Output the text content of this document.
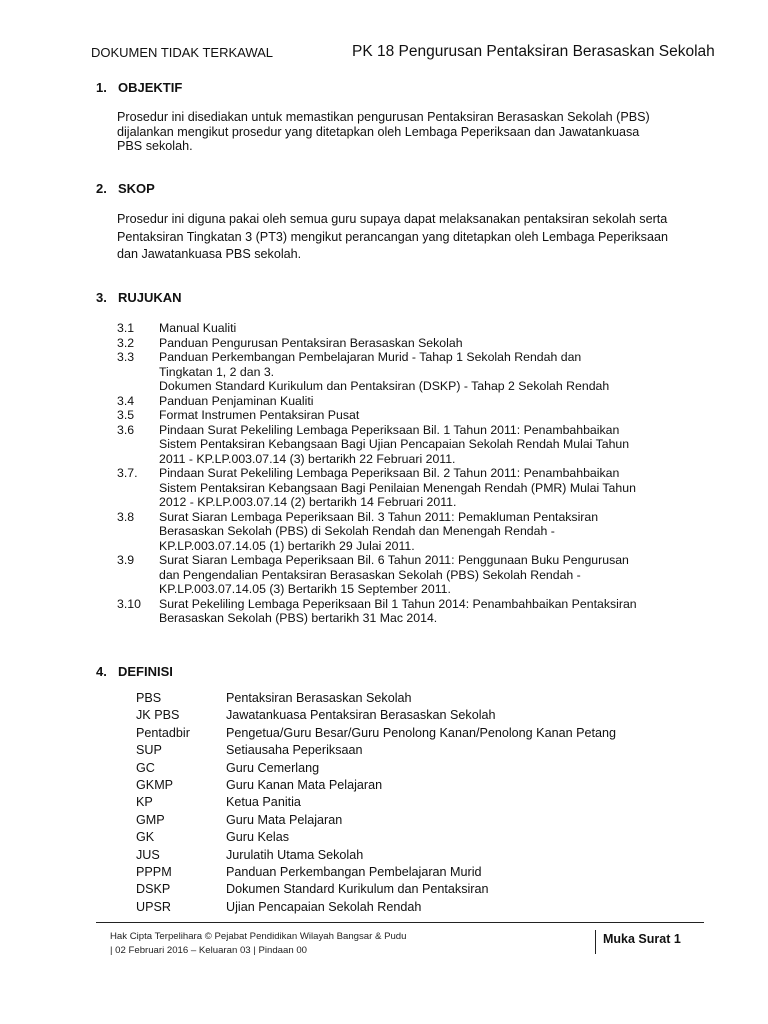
DOKUMEN TIDAK TERKAWAL	PK 18 Pengurusan Pentaksiran Berasaskan Sekolah
1. OBJEKTIF
Prosedur ini disediakan untuk memastikan pengurusan Pentaksiran Berasaskan Sekolah (PBS)
dijalankan mengikut prosedur yang ditetapkan oleh Lembaga Peperiksaan dan Jawatankuasa
PBS sekolah.
2. SKOP
Prosedur ini diguna pakai oleh semua guru supaya dapat melaksanakan pentaksiran sekolah serta
Pentaksiran Tingkatan 3 (PT3) mengikut perancangan yang ditetapkan oleh Lembaga Peperiksaan
dan Jawatankuasa PBS sekolah.
3. RUJUKAN
3.1	Manual Kualiti
3.2	Panduan Pengurusan Pentaksiran Berasaskan Sekolah
3.3	Panduan Perkembangan Pembelajaran Murid - Tahap 1 Sekolah Rendah dan
Tingkatan 1, 2 dan 3.
Dokumen Standard Kurikulum dan Pentaksiran (DSKP) - Tahap 2 Sekolah Rendah
3.4	Panduan Penjaminan Kualiti
3.5	Format Instrumen Pentaksiran Pusat
3.6	Pindaan Surat Pekeliling Lembaga Peperiksaan Bil. 1 Tahun 2011: Penambahbaikan
Sistem Pentaksiran Kebangsaan Bagi Ujian Pencapaian Sekolah Rendah Mulai Tahun
2011 - KP.LP.003.07.14 (3) bertarikh 22 Februari 2011.
3.7.	Pindaan Surat Pekeliling Lembaga Peperiksaan Bil. 2 Tahun 2011: Penambahbaikan
Sistem Pentaksiran Kebangsaan Bagi Penilaian Menengah Rendah (PMR) Mulai Tahun
2012 - KP.LP.003.07.14 (2) bertarikh 14 Februari 2011.
3.8	Surat Siaran Lembaga Peperiksaan Bil. 3 Tahun 2011: Pemakluman Pentaksiran
Berasaskan Sekolah (PBS) di Sekolah Rendah dan Menengah Rendah -
KP.LP.003.07.14.05 (1) bertarikh 29 Julai 2011.
3.9	Surat Siaran Lembaga Peperiksaan Bil. 6 Tahun 2011: Penggunaan Buku Pengurusan
dan Pengendalian Pentaksiran Berasaskan Sekolah (PBS) Sekolah Rendah -
KP.LP.003.07.14.05 (3) Bertarikh 15 September 2011.
3.10	Surat Pekeliling Lembaga Peperiksaan Bil 1 Tahun 2014: Penambahbaikan Pentaksiran
Berasaskan Sekolah (PBS) bertarikh 31 Mac 2014.
4. DEFINISI
PBS	Pentaksiran Berasaskan Sekolah
JK PBS	Jawatankuasa Pentaksiran Berasaskan Sekolah
Pentadbir	Pengetua/Guru Besar/Guru Penolong Kanan/Penolong Kanan Petang
SUP	Setiausaha Peperiksaan
GC	Guru Cemerlang
GKMP	Guru Kanan Mata Pelajaran
KP	Ketua Panitia
GMP	Guru Mata Pelajaran
GK	Guru Kelas
JUS	Jurulatih Utama Sekolah
PPPM	Panduan Perkembangan Pembelajaran Murid
DSKP	Dokumen Standard Kurikulum dan Pentaksiran
UPSR	Ujian Pencapaian Sekolah Rendah
Hak Cipta Terpelihara © Pejabat Pendidikan Wilayah Bangsar & Pudu
| 02 Februari 2016 – Keluaran 03 | Pindaan 00
Muka Surat 1
